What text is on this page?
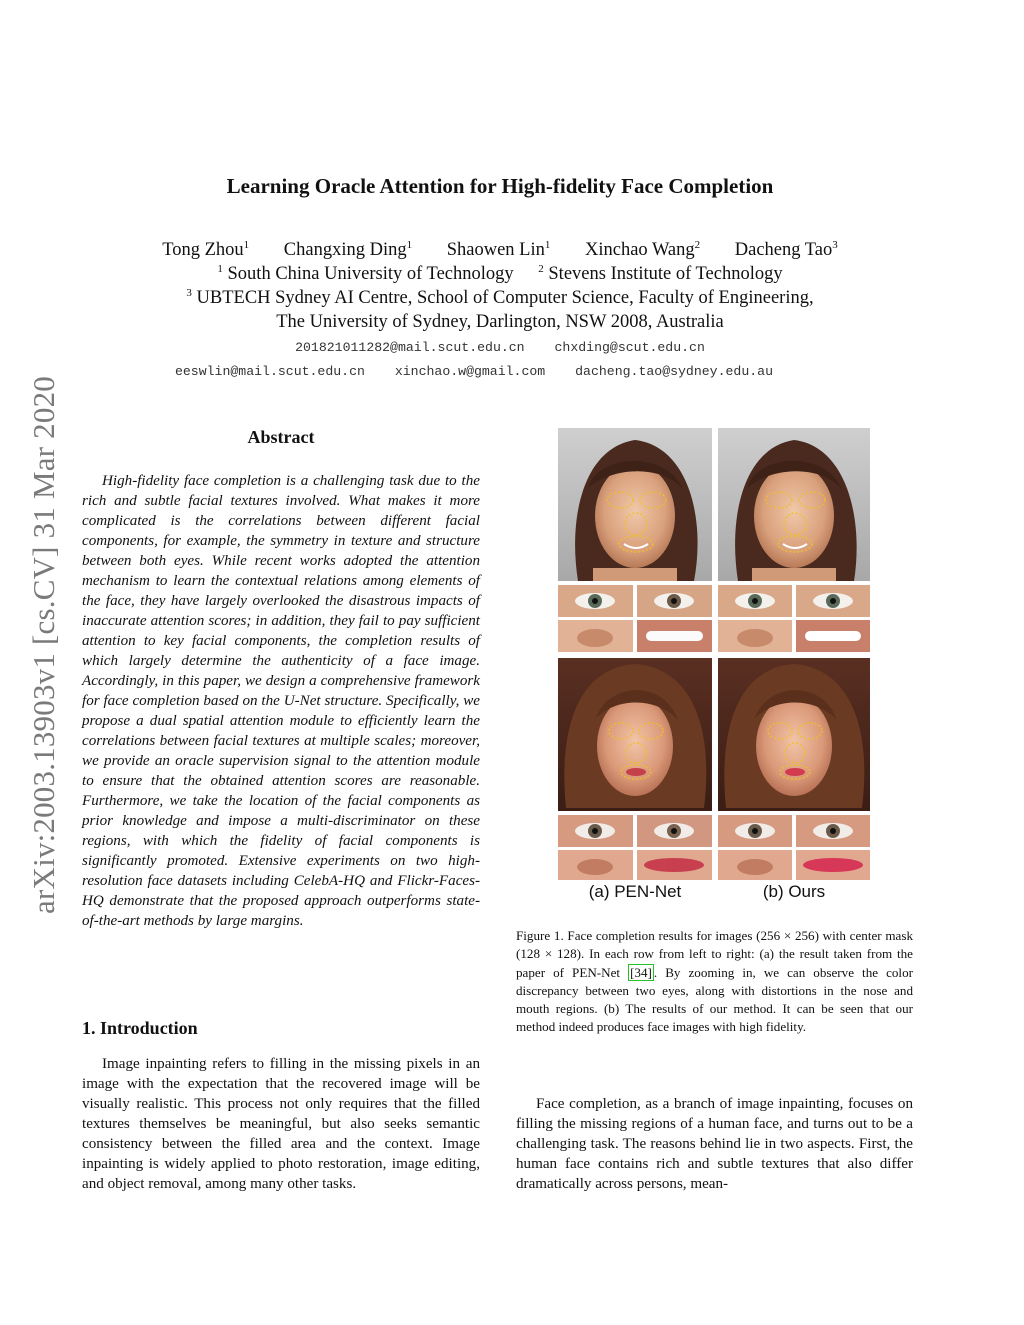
arXiv:2003.13903v1 [cs.CV] 31 Mar 2020
Learning Oracle Attention for High-fidelity Face Completion
Tong Zhou$^1$ Changxing Ding$^1$ Shaowen Lin$^1$ Xinchao Wang$^2$ Dacheng Tao$^3$
$^1$ South China University of Technology $^2$ Stevens Institute of Technology
$^3$ UBTECH Sydney AI Centre, School of Computer Science, Faculty of Engineering,
The University of Sydney, Darlington, NSW 2008, Australia
201821011282@mail.scut.edu.cn chxding@scut.edu.cn
eeswlin@mail.scut.edu.cn xinchao.w@gmail.com dacheng.tao@sydney.edu.au
Abstract
High-fidelity face completion is a challenging task due to the rich and subtle facial textures involved. What makes it more complicated is the correlations between different facial components, for example, the symmetry in texture and structure between both eyes. While recent works adopted the attention mechanism to learn the contextual relations among elements of the face, they have largely overlooked the disastrous impacts of inaccurate attention scores; in addition, they fail to pay sufficient attention to key facial components, the completion results of which largely determine the authenticity of a face image. Accordingly, in this paper, we design a comprehensive framework for face completion based on the U-Net structure. Specifically, we propose a dual spatial attention module to efficiently learn the correlations between facial textures at multiple scales; moreover, we provide an oracle supervision signal to the attention module to ensure that the obtained attention scores are reasonable. Furthermore, we take the location of the facial components as prior knowledge and impose a multi-discriminator on these regions, with which the fidelity of facial components is significantly promoted. Extensive experiments on two high-resolution face datasets including CelebA-HQ and Flickr-Faces-HQ demonstrate that the proposed approach outperforms state-of-the-art methods by large margins.
1. Introduction
Image inpainting refers to filling in the missing pixels in an image with the expectation that the recovered image will be visually realistic. This process not only requires that the filled textures themselves be meaningful, but also seeks semantic consistency between the filled area and the context. Image inpainting is widely applied to photo restoration, image editing, and object removal, among many other tasks.
(a) PEN-Net	(b) Ours
Figure 1. Face completion results for images (256 × 256) with center mask (128 × 128). In each row from left to right: (a) the result taken from the paper of PEN-Net [34] . By zooming in, we can observe the color discrepancy between two eyes, along with distortions in the nose and mouth regions. (b) The results of our method. It can be seen that our method indeed produces face images with high fidelity.
Face completion, as a branch of image inpainting, focuses on filling the missing regions of a human face, and turns out to be a challenging task. The reasons behind lie in two aspects. First, the human face contains rich and subtle textures that also differ dramatically across persons, mean-
